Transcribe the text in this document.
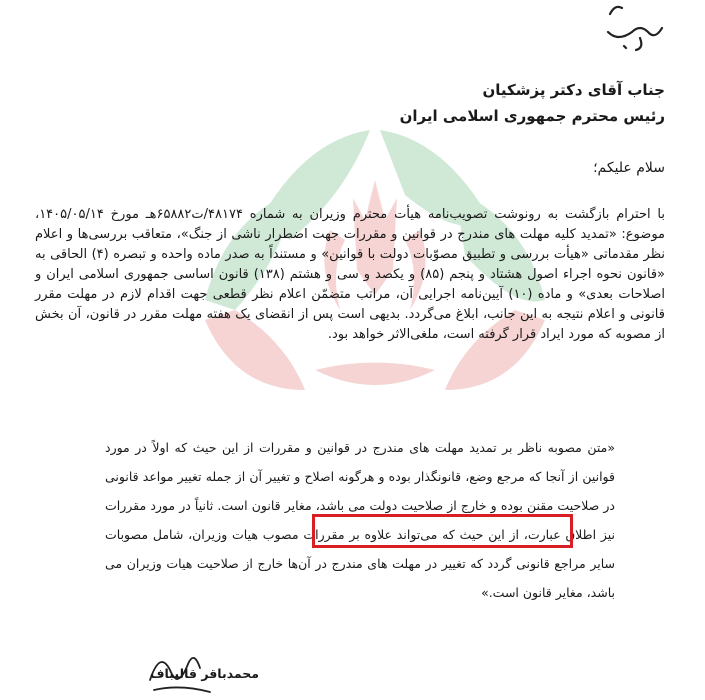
جناب آقای دکتر پزشکیان
رئیس محترم جمهوری اسلامی ایران
سلام علیکم؛

با احترام بازگشت به رونوشت تصویب‌نامه هیأت محترم وزیران به شماره ۴۸۱۷۴/ت۶۵۸۸۲هـ مورخ ۱۴۰۵/۰۵/۱۴، موضوع: «تمدید کلیه مهلت های مندرج در قوانین و مقررات جهت اضطرار ناشی از جنگ»، متعاقب بررسی‌ها و اعلام نظر مقدماتی «هیأت بررسی و تطبیق مصوّبات دولت با قوانین» و مستنداً به صدر ماده واحده و تبصره (۴) الحاقی به «قانون نحوه اجراء اصول هشتاد و پنجم (۸۵) و یکصد و سی و هشتم (۱۳۸) قانون اساسی جمهوری اسلامی ایران و اصلاحات بعدی» و ماده (۱۰) آیین‌نامه اجرایی آن، مراتب متضمّن اعلام نظر قطعی جهت اقدام لازم در مهلت مقرر قانونی و اعلام نتیجه به این جانب، ابلاغ می‌گردد. بدیهی است پس از انقضای یک هفته مهلت مقرر در قانون، آن بخش از مصوبه که مورد ایراد قرار گرفته است، ملغی‌الاثر خواهد بود.

«متن مصوبه ناظر بر تمدید مهلت های مندرج در قوانین و مقررات از این حیث که اولاً در مورد قوانین از آنجا که مرجع وضع، قانونگذار بوده و هرگونه اصلاح و تغییر آن از جمله تغییر مواعد قانونی در صلاحیت مقنن بوده و خارج از صلاحیت دولت می باشد، مغایر قانون است. ثانیاً در مورد مقررات نیز اطلاق عبارت، از این حیث که می‌تواند علاوه بر مقررات مصوب هیات وزیران، شامل مصوبات سایر مراجع قانونی گردد که تغییر در مهلت های مندرج در آن‌ها خارج از صلاحیت هیات وزیران می باشد، مغایر قانون است.»

محمدباقر قالیباف
